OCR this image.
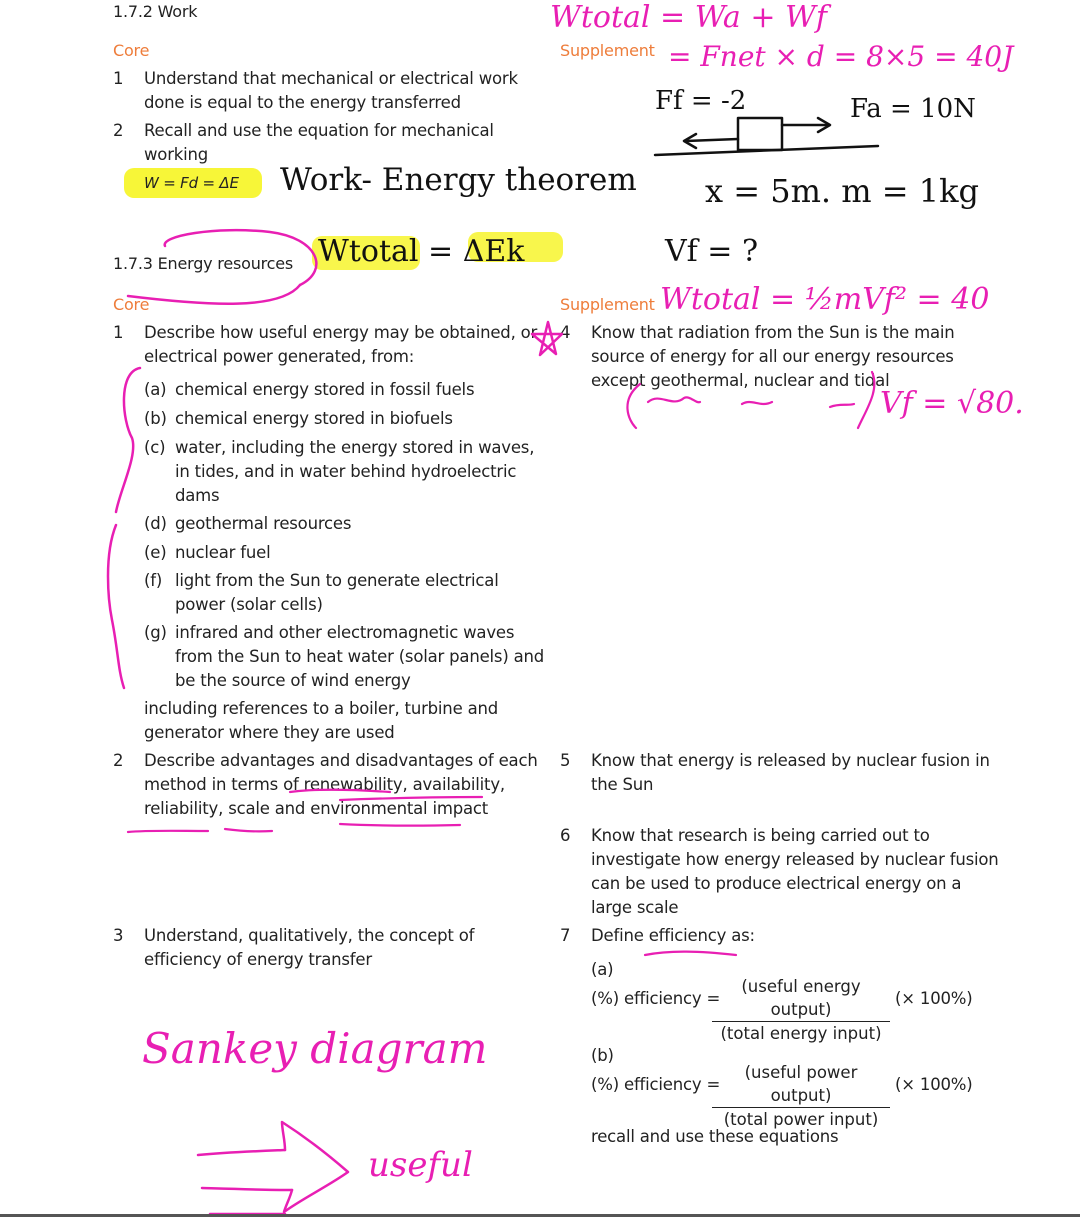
1.7.2 Work
Core	Supplement
1 Understand that mechanical or electrical work
done is equal to the energy transferred
2 Recall and use the equation for mechanical
working
W = Fd = ΔE
1.7.3 Energy resources
Core	Supplement
1 Describe how useful energy may be obtained, or
electrical power generated, from:
(a) chemical energy stored in fossil fuels
(b) chemical energy stored in biofuels
(c) water, including the energy stored in waves,
in tides, and in water behind hydroelectric
dams
(d) geothermal resources
(e) nuclear fuel
(f) light from the Sun to generate electrical
power (solar cells)
(g) infrared and other electromagnetic waves
from the Sun to heat water (solar panels) and
be the source of wind energy
including references to a boiler, turbine and
generator where they are used
2 Describe advantages and disadvantages of each
method in terms of renewability, availability,
reliability, scale and environmental impact
3 Understand, qualitatively, the concept of
efficiency of energy transfer
4 Know that radiation from the Sun is the main
source of energy for all our energy resources
except geothermal, nuclear and tidal
5 Know that energy is released by nuclear fusion in
the Sun
6 Know that research is being carried out to
investigate how energy released by nuclear fusion
can be used to produce electrical energy on a
large scale
7 Define efficiency as:
(a)
(%) efficiency =
(useful energy output)
(total energy input)
(× 100%)
(b)
(%) efficiency =
(useful power output)
(total power input)
(× 100%)
recall and use these equations
Wtotal = Wa + Wf
= Fnet × d = 8×5 = 40J
Ff = -2	Fa = 10N
x = 5m. m = 1kg
Work- Energy theorem
Wtotal = ΔEk	Vf = ?
Wtotal = ½mVf² = 40
Vf = √80.
Sankey diagram
useful
